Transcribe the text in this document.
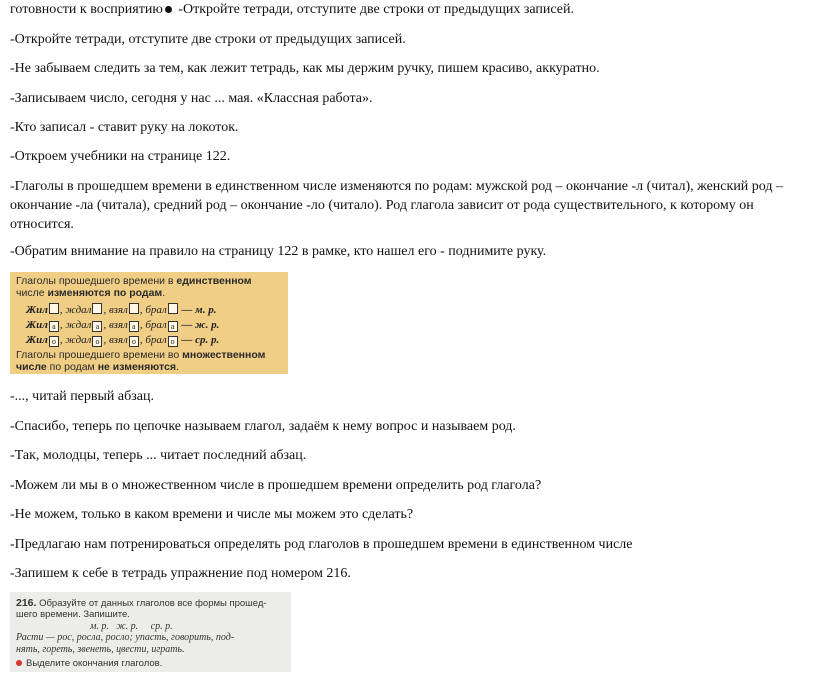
готовности к восприятию -Откройте тетради, отступите две строки от предыдущих записей.
-Откройте тетради, отступите две строки от предыдущих записей.
-Не забываем следить за тем, как лежит тетрадь, как мы держим ручку, пишем красиво, аккуратно.
-Записываем число, сегодня у нас ... мая. «Классная работа».
-Кто записал - ставит руку на локоток.
-Откроем учебники на странице 122.
-Глаголы в прошедшем времени в единственном числе изменяются по родам: мужской род – окончание -л (читал), женский род – окончание -ла (читала), средний род – окончание -ло (читало). Род глагола зависит от рода существительного, к которому он относится.
-Обратим внимание на правило на страницу 122 в рамке, кто нашел его - поднимите руку.
Глаголы прошедшего времени в единственном
числе изменяются по родам.
Жил , ждал , взял , брал — м. р.
Жил а , ждал а , взял а , брал а — ж. р.
Жил о , ждал о , взял о , брал о — ср. р.
Глаголы прошедшего времени во множественном
числе по родам не изменяются.
-..., читай первый абзац.
-Спасибо, теперь по цепочке называем глагол, задаём к нему вопрос и называем род.
-Так, молодцы, теперь ... читает последний абзац.
-Можем ли мы в о множественном числе в прошедшем времени определить род глагола?
-Не можем, только в каком времени и числе мы можем это сделать?
-Предлагаю нам потренироваться определять род глаголов в прошедшем времени в единственном числе
-Запишем к себе в тетрадь упражнение под номером 216.
216. Образуйте от данных глаголов все формы прошед-
шего времени. Запишите.
м. р.   ж. р.     ср. р.
Расти — рос, росла, росло; упасть, говорить, под-
нять, гореть, звенеть, цвести, играть.
Выделите окончания глаголов.
